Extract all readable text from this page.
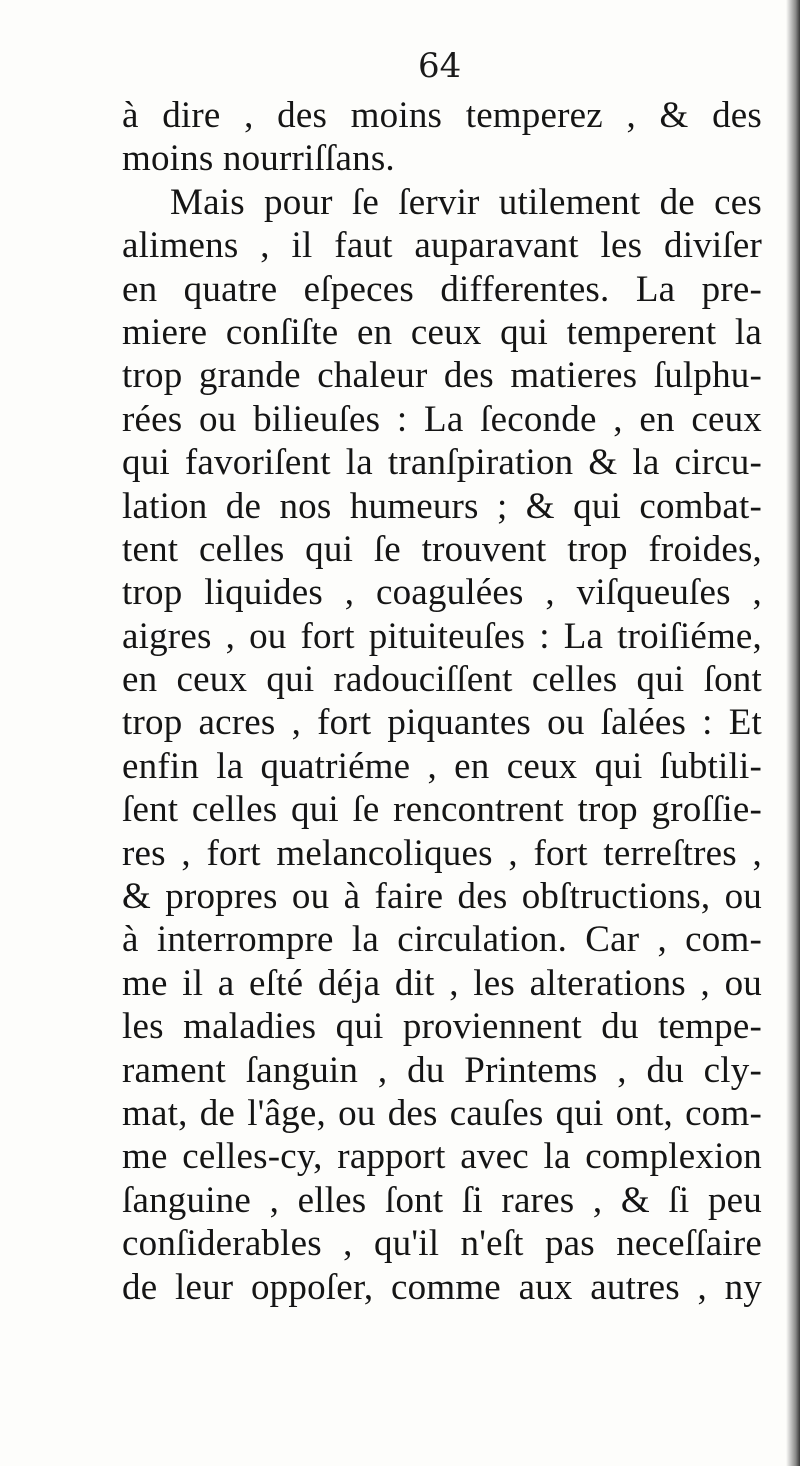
64
à dire , des moins temperez , & des
moins nourriſſans.
Mais pour ſe ſervir utilement de ces
alimens , il faut auparavant les diviſer
en quatre eſpeces differentes. La pre-
miere conſiſte en ceux qui temperent la
trop grande chaleur des matieres ſulphu-
rées ou bilieuſes : La ſeconde , en ceux
qui favoriſent la tranſpiration & la circu-
lation de nos humeurs ; & qui combat-
tent celles qui ſe trouvent trop froides,
trop liquides , coagulées , viſqueuſes ,
aigres , ou fort pituiteuſes : La troiſiéme,
en ceux qui radouciſſent celles qui ſont
trop acres , fort piquantes ou ſalées : Et
enfin la quatriéme , en ceux qui ſubtili-
ſent celles qui ſe rencontrent trop groſſie-
res , fort melancoliques , fort terreſtres ,
& propres ou à faire des obſtructions, ou
à interrompre la circulation. Car , com-
me il a eſté déja dit , les alterations , ou
les maladies qui proviennent du tempe-
rament ſanguin , du Printems , du cly-
mat, de l'âge, ou des cauſes qui ont, com-
me celles-cy, rapport avec la complexion
ſanguine , elles ſont ſi rares , & ſi peu
conſiderables , qu'il n'eſt pas neceſſaire
de leur oppoſer, comme aux autres , ny
